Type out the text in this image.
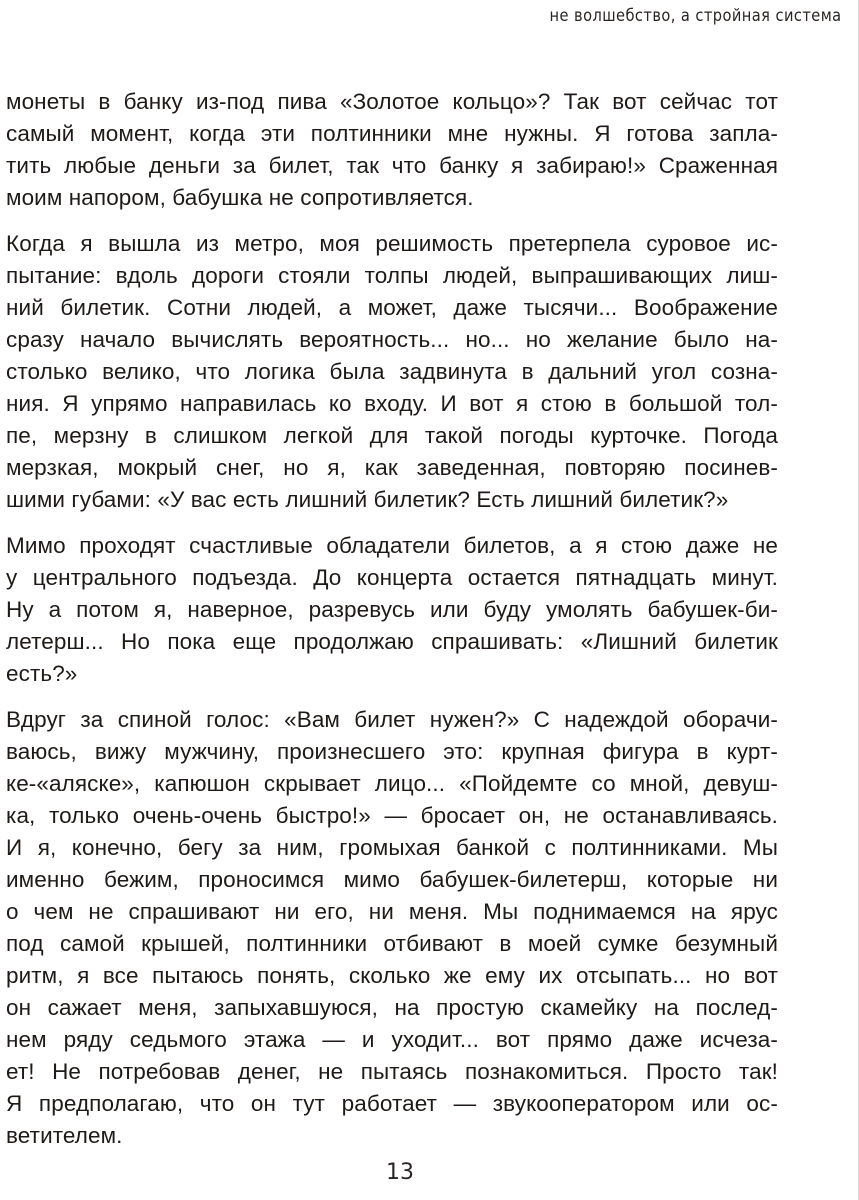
не волшебство, а стройная система

монеты в банку из-под пива «Золотое кольцо»? Так вот сейчас тот
самый момент, когда эти полтинники мне нужны. Я готова запла-
тить любые деньги за билет, так что банку я забираю!» Сраженная
моим напором, бабушка не сопротивляется.

Когда я вышла из метро, моя решимость претерпела суровое ис-
пытание: вдоль дороги стояли толпы людей, выпрашивающих лиш-
ний билетик. Сотни людей, а может, даже тысячи... Воображение
сразу начало вычислять вероятность... но... но желание было на-
столько велико, что логика была задвинута в дальний угол созна-
ния. Я упрямо направилась ко входу. И вот я стою в большой тол-
пе, мерзну в слишком легкой для такой погоды курточке. Погода
мерзкая, мокрый снег, но я, как заведенная, повторяю посинев-
шими губами: «У вас есть лишний билетик? Есть лишний билетик?»

Мимо проходят счастливые обладатели билетов, а я стою даже не
у центрального подъезда. До концерта остается пятнадцать минут.
Ну а потом я, наверное, разревусь или буду умолять бабушек-би-
летерш... Но пока еще продолжаю спрашивать: «Лишний билетик
есть?»

Вдруг за спиной голос: «Вам билет нужен?» С надеждой оборачи-
ваюсь, вижу мужчину, произнесшего это: крупная фигура в курт-
ке-«аляске», капюшон скрывает лицо... «Пойдемте со мной, девуш-
ка, только очень-очень быстро!» — бросает он, не останавливаясь.
И я, конечно, бегу за ним, громыхая банкой с полтинниками. Мы
именно бежим, проносимся мимо бабушек-билетерш, которые ни
о чем не спрашивают ни его, ни меня. Мы поднимаемся на ярус
под самой крышей, полтинники отбивают в моей сумке безумный
ритм, я все пытаюсь понять, сколько же ему их отсыпать... но вот
он сажает меня, запыхавшуюся, на простую скамейку на послед-
нем ряду седьмого этажа — и уходит... вот прямо даже исчеза-
ет! Не потребовав денег, не пытаясь познакомиться. Просто так!
Я предполагаю, что он тут работает — звукооператором или ос-
ветителем.

13
